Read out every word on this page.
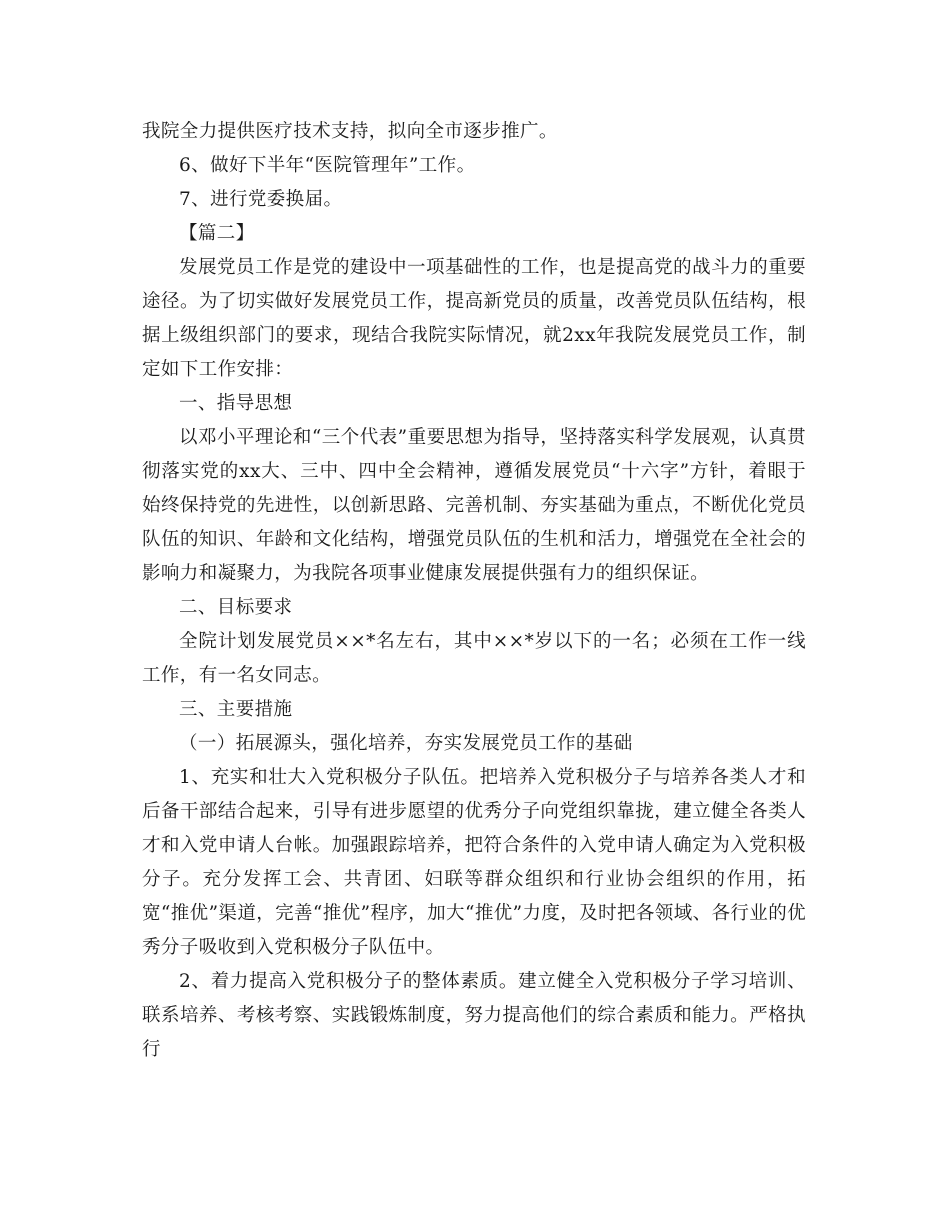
我院全力提供医疗技术支持，拟向全市逐步推广。

6、做好下半年“医院管理年”工作。

7、进行党委换届。

【篇二】

发展党员工作是党的建设中一项基础性的工作，也是提高党的战斗力的重要途径。为了切实做好发展党员工作，提高新党员的质量，改善党员队伍结构，根据上级组织部门的要求，现结合我院实际情况，就2xx年我院发展党员工作，制定如下工作安排：

一、指导思想

以邓小平理论和“三个代表”重要思想为指导，坚持落实科学发展观，认真贯彻落实党的xx大、三中、四中全会精神，遵循发展党员“十六字”方针，着眼于始终保持党的先进性，以创新思路、完善机制、夯实基础为重点，不断优化党员队伍的知识、年龄和文化结构，增强党员队伍的生机和活力，增强党在全社会的影响力和凝聚力，为我院各项事业健康发展提供强有力的组织保证。

二、目标要求

全院计划发展党员××*名左右，其中××*岁以下的一名；必须在工作一线工作，有一名女同志。

三、主要措施

（一）拓展源头，强化培养，夯实发展党员工作的基础

1、充实和壮大入党积极分子队伍。把培养入党积极分子与培养各类人才和后备干部结合起来，引导有进步愿望的优秀分子向党组织靠拢，建立健全各类人才和入党申请人台帐。加强跟踪培养，把符合条件的入党申请人确定为入党积极分子。充分发挥工会、共青团、妇联等群众组织和行业协会组织的作用，拓宽“推优”渠道，完善“推优”程序，加大“推优”力度，及时把各领域、各行业的优秀分子吸收到入党积极分子队伍中。

2、着力提高入党积极分子的整体素质。建立健全入党积极分子学习培训、联系培养、考核考察、实践锻炼制度，努力提高他们的综合素质和能力。严格执行
